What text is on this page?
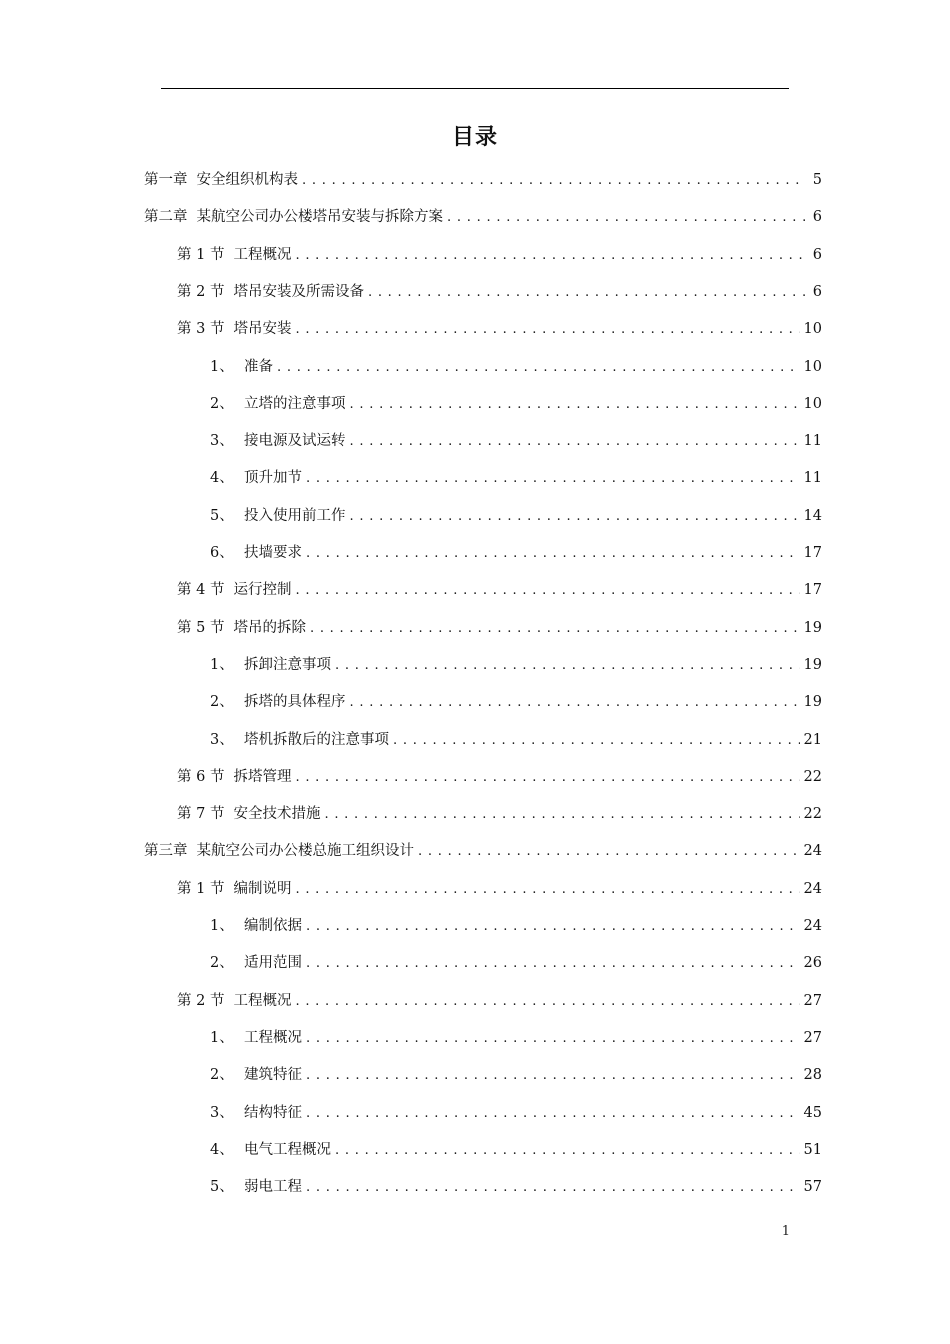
目录
第一章 安全组织机构表 . . .	5
第二章 某航空公司办公楼塔吊安装与拆除方案 . . .	6
第 1 节 工程概况 . . .	6
第 2 节 塔吊安装及所需设备 . . .	6
第 3 节 塔吊安装 . . .	10
1、 准备 . . .	10
2、 立塔的注意事项 . . .	10
3、 接电源及试运转 . . .	11
4、 顶升加节 . . .	11
5、 投入使用前工作 . . .	14
6、 扶墙要求 . . .	17
第 4 节 运行控制 . . .	17
第 5 节 塔吊的拆除 . . .	19
1、 拆卸注意事项 . . .	19
2、 拆塔的具体程序 . . .	19
3、 塔机拆散后的注意事项 . . .	21
第 6 节 拆塔管理 . . .	22
第 7 节 安全技术措施 . . .	22
第三章 某航空公司办公楼总施工组织设计 . . .	24
第 1 节 编制说明 . . .	24
1、 编制依据 . . .	24
2、 适用范围 . . .	26
第 2 节 工程概况 . . .	27
1、 工程概况 . . .	27
2、 建筑特征 . . .	28
3、 结构特征 . . .	45
4、 电气工程概况 . . .	51
5、 弱电工程 . . .	57
1
